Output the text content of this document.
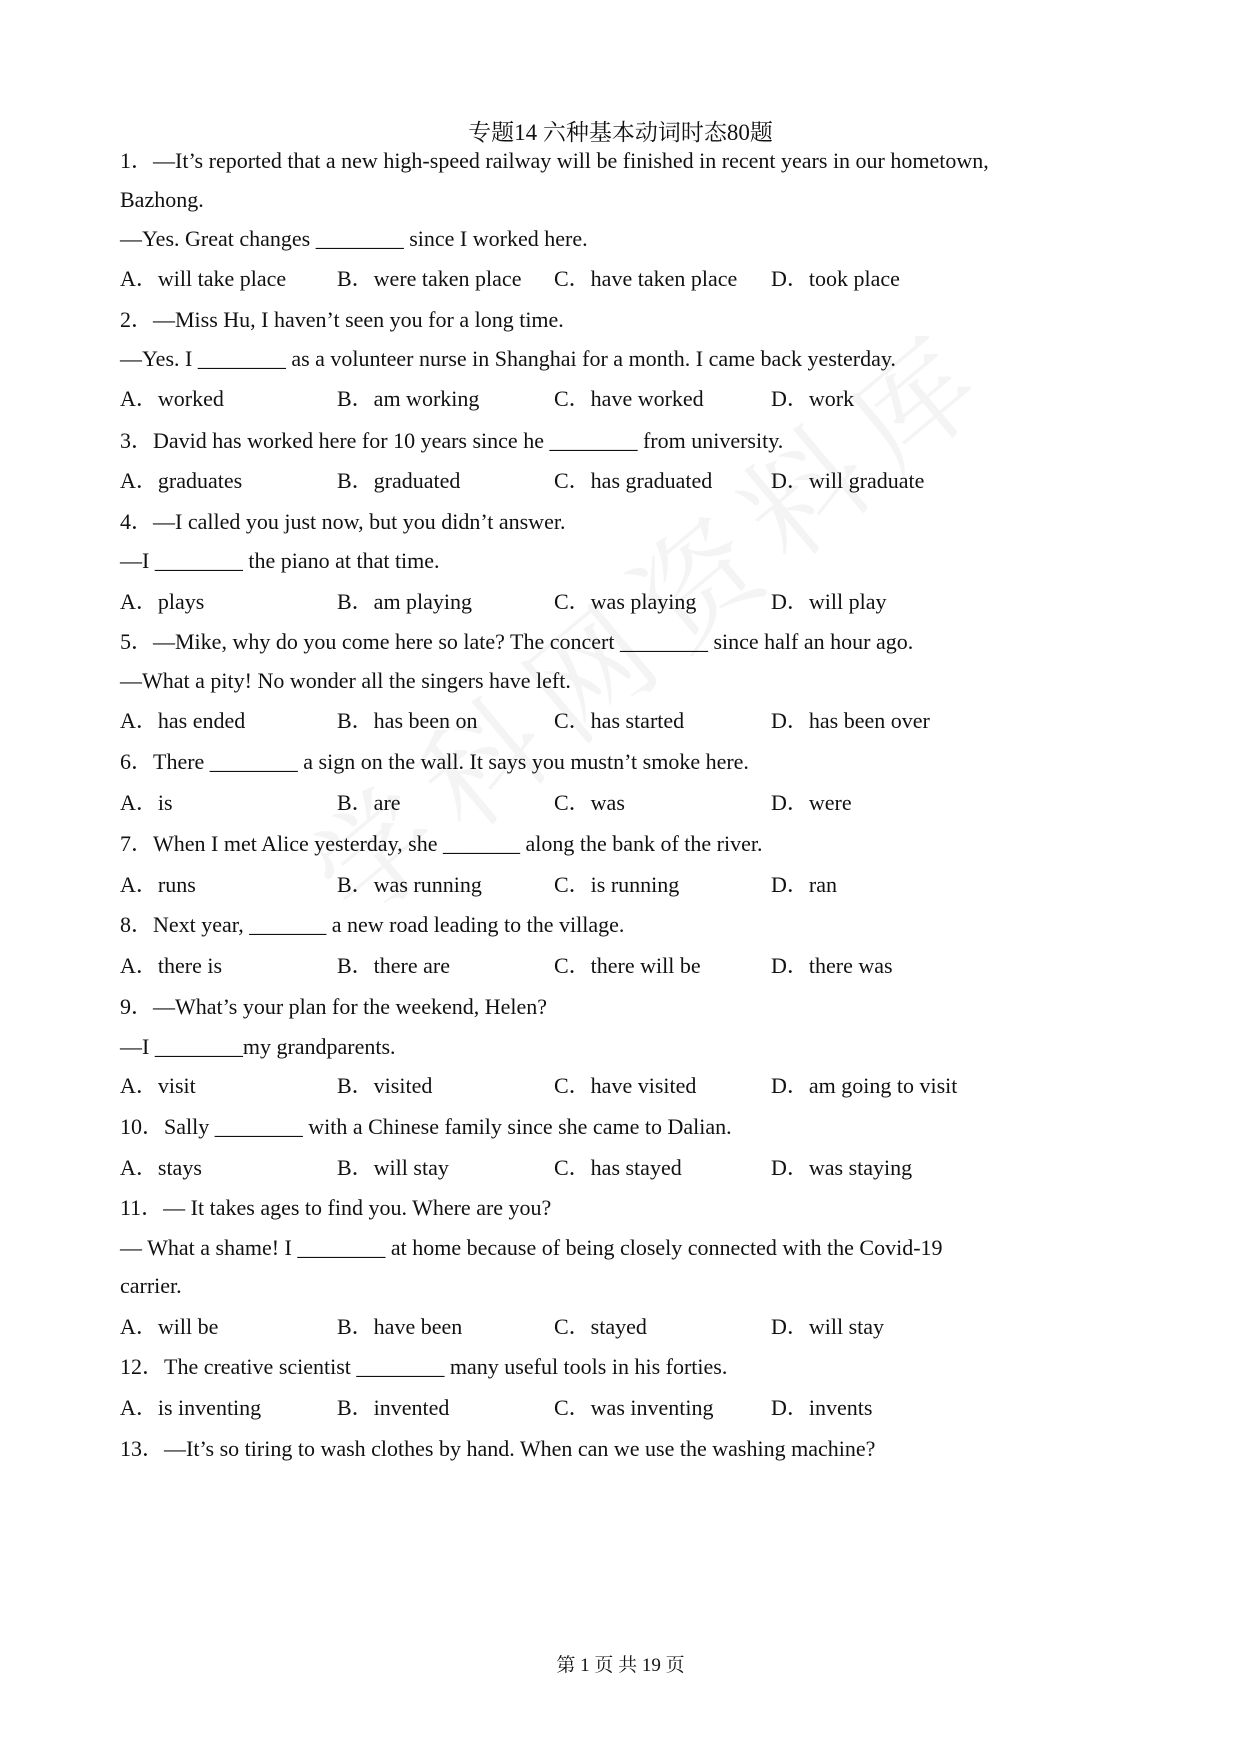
专题14 六种基本动词时态80题
1．—It’s reported that a new high-speed railway will be finished in recent years in our hometown,
Bazhong.
—Yes. Great changes ________ since I worked here.
A．will take place B．were taken place C．have taken place D．took place
2．—Miss Hu, I haven’t seen you for a long time.
—Yes. I ________ as a volunteer nurse in Shanghai for a month. I came back yesterday.
A．worked	B．am working	C．have worked	D．work
3．David has worked here for 10 years since he ________ from university.
A．graduates	B．graduated	C．has graduated	D．will graduate
4．—I called you just now, but you didn’t answer.
—I ________ the piano at that time.
A．plays	B．am playing	C．was playing	D．will play
5．—Mike, why do you come here so late? The concert ________ since half an hour ago.
—What a pity! No wonder all the singers have left.
A．has ended	B．has been on	C．has started	D．has been over
6．There ________ a sign on the wall. It says you mustn’t smoke here.
A．is	B．are	C．was	D．were
7．When I met Alice yesterday, she _______ along the bank of the river.
A．runs	B．was running	C．is running	D．ran
8．Next year, _______ a new road leading to the village.
A．there is	B．there are	C．there will be	D．there was
9．—What’s your plan for the weekend, Helen?
—I ________my grandparents.
A．visit	B．visited	C．have visited	D．am going to visit
10．Sally ________ with a Chinese family since she came to Dalian.
A．stays	B．will stay	C．has stayed	D．was staying
11．— It takes ages to find you. Where are you?
— What a shame! I ________ at home because of being closely connected with the Covid-19
carrier.
A．will be	B．have been	C．stayed	D．will stay
12．The creative scientist ________ many useful tools in his forties.
A．is inventing	B．invented	C．was inventing	D．invents
13．—It’s so tiring to wash clothes by hand. When can we use the washing machine?
第 1 页 共 19 页
